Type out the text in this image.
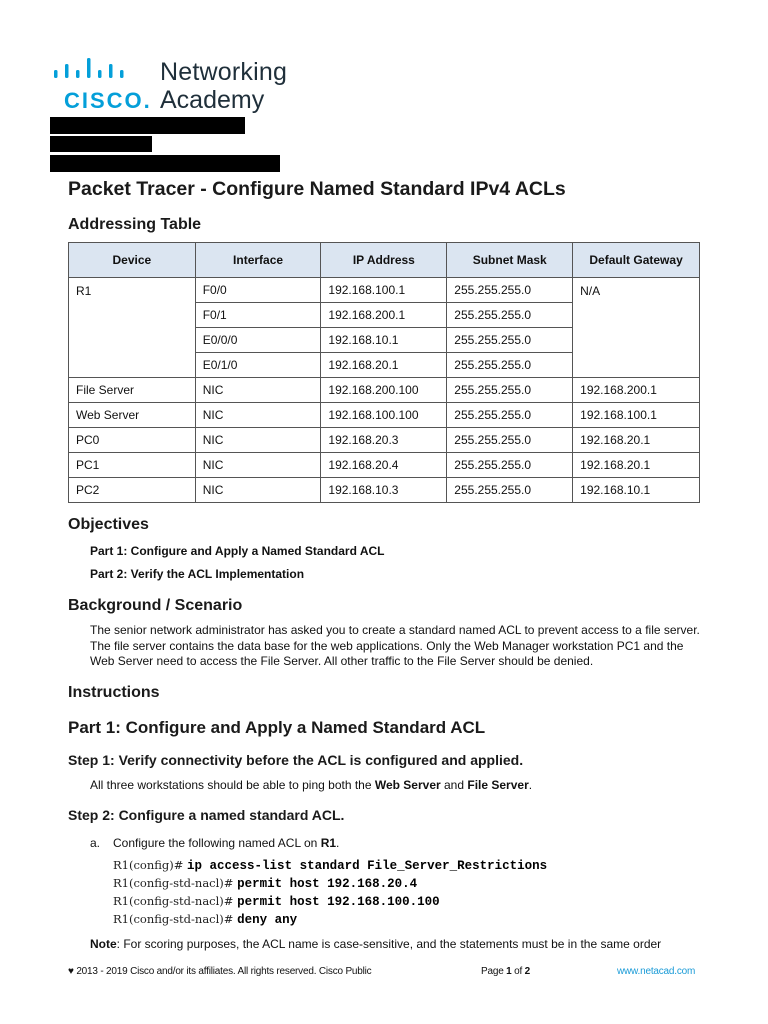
Networking
Academy
CISCO.
Packet Tracer - Configure Named Standard IPv4 ACLs
Addressing Table
Device	Interface	IP Address	Subnet Mask	Default Gateway
R1	F0/0	192.168.100.1	255.255.255.0	N/A
	F0/1	192.168.200.1	255.255.255.0	
	E0/0/0	192.168.10.1	255.255.255.0	
	E0/1/0	192.168.20.1	255.255.255.0	
File Server	NIC	192.168.200.100	255.255.255.0	192.168.200.1
Web Server	NIC	192.168.100.100	255.255.255.0	192.168.100.1
PC0	NIC	192.168.20.3	255.255.255.0	192.168.20.1
PC1	NIC	192.168.20.4	255.255.255.0	192.168.20.1
PC2	NIC	192.168.10.3	255.255.255.0	192.168.10.1
Objectives
Part 1: Configure and Apply a Named Standard ACL
Part 2: Verify the ACL Implementation
Background / Scenario
The senior network administrator has asked you to create a standard named ACL to prevent access to a file server. The file server contains the data base for the web applications. Only the Web Manager workstation PC1 and the Web Server need to access the File Server. All other traffic to the File Server should be denied.
Instructions
Part 1: Configure and Apply a Named Standard ACL
Step 1: Verify connectivity before the ACL is configured and applied.
All three workstations should be able to ping both the Web Server and File Server.
Step 2: Configure a named standard ACL.
a. Configure the following named ACL on R1.
R1(config)# ip access-list standard File_Server_Restrictions
R1(config-std-nacl)# permit host 192.168.20.4
R1(config-std-nacl)# permit host 192.168.100.100
R1(config-std-nacl)# deny any
Note: For scoring purposes, the ACL name is case-sensitive, and the statements must be in the same order
♥ 2013 - 2019 Cisco and/or its affiliates. All rights reserved. Cisco Public	Page 1 of 2	www.netacad.com
